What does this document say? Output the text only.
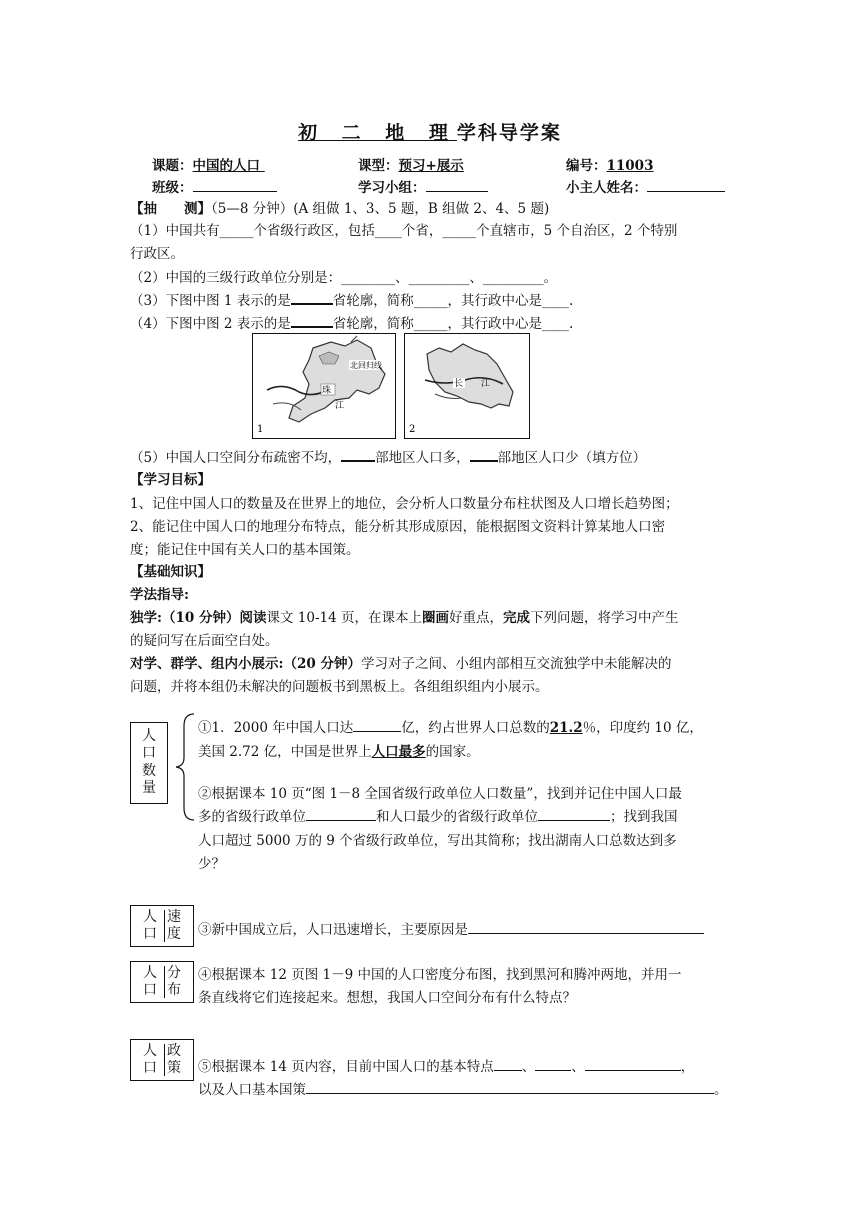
初 二 地 理学科导学案
课题：中国的人口	课型：预习+展示	编号：11003
班级：	学习小组：	小主人姓名：
【抽　　测】（5—8 分钟）(A 组做 1、3、5 题，B 组做 2、4、5 题)
（1）中国共有_____个省级行政区，包括____个省，_____个直辖市，5 个自治区，2 个特别
行政区。
（2）中国的三级行政单位分别是：________、_________、_________。
（3）下图中图 1 表示的是	省轮廓，简称_____，其行政中心是____.
（4）下图中图 2 表示的是	省轮廓，简称_____，其行政中心是____.
北回归线
珠
江
1
长 江
2
（5）中国人口空间分布疏密不均，	部地区人口多， 部地区人口少（填方位）
【学习目标】
1、记住中国人口的数量及在世界上的地位，会分析人口数量分布柱状图及人口增长趋势图；
2、能记住中国人口的地理分布特点，能分析其形成原因，能根据图文资料计算某地人口密
度；能记住中国有关人口的基本国策。
【基础知识】
学法指导:
独学:（10 分钟）阅读课文 10-14 页，在课本上圈画好重点，完成下列问题，将学习中产生
的疑问写在后面空白处。
对学、群学、组内小展示:（20 分钟）学习对子之间、小组内部相互交流独学中未能解决的
问题，并将本组仍未解决的问题板书到黑板上。各组组织组内小展示。
人
口
数
量
①1．2000 年中国人口达	亿，约占世界人口总数的21.2％，印度约 10 亿，
美国 2.72 亿，中国是世界上人口最多的国家。
②根据课本 10 页“图 1－8 全国省级行政单位人口数量”，找到并记住中国人口最
多的省级行政单位	和人口最少的省级行政单位	；找到我国
人口超过 5000 万的 9 个省级行政单位，写出其简称；找出湖南人口总数达到多
少？
人 速
口 度 ③新中国成立后，人口迅速增长，主要原因是
人 分
口 布
④根据课本 12 页图 1－9 中国的人口密度分布图，找到黑河和腾冲两地，并用一
条直线将它们连接起来。想想，我国人口空间分布有什么特点？
人 政
口 策 ⑤根据课本 14 页内容，目前中国人口的基本特点 、	、	，
以及人口基本国策	。
